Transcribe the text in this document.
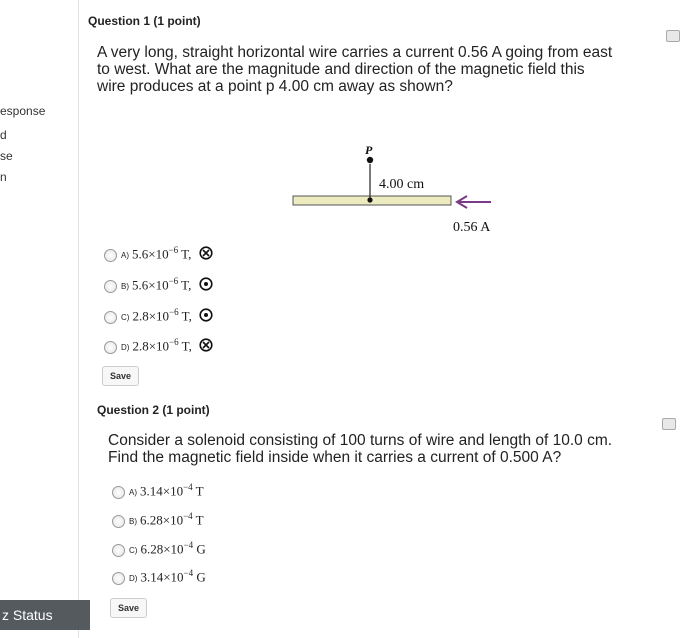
esponse
d
se
n
z Status
Question 1 (1 point)
A very long, straight horizontal wire carries a current 0.56 A going from east
to west. What are the magnitude and direction of the magnetic field this
wire produces at a point p 4.00 cm away as shown?
P
4.00 cm
0.56 A
A) $5.6\times 10^{-6}$ T,
B) $5.6\times 10^{-6}$ T,
C) $2.8\times 10^{-6}$ T,
D) $2.8\times 10^{-6}$ T,
Save
Question 2 (1 point)
Consider a solenoid consisting of 100 turns of wire and length of 10.0 cm.
Find the magnetic field inside when it carries a current of 0.500 A?
A) $3.14\times 10^{-4}$ T
B) $6.28\times 10^{-4}$ T
C) $6.28\times 10^{-4}$ G
D) $3.14\times 10^{-4}$ G
Save
